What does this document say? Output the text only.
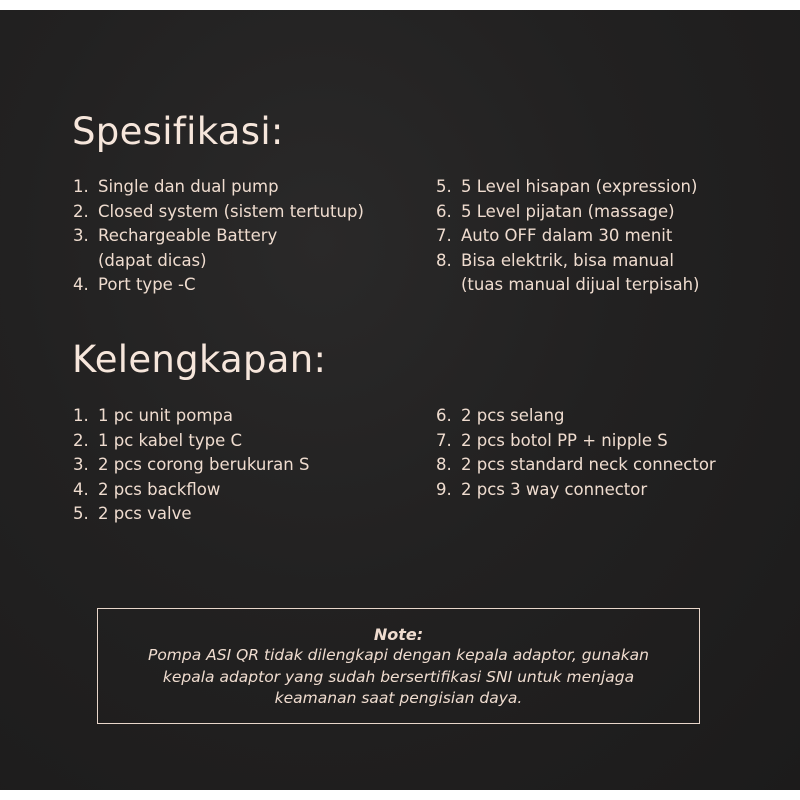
Spesifikasi:
1. Single dan dual pump
2. Closed system (sistem tertutup)
3. Rechargeable Battery
(dapat dicas)
4. Port type -C
5. 5 Level hisapan (expression)
6. 5 Level pijatan (massage)
7. Auto OFF dalam 30 menit
8. Bisa elektrik, bisa manual
(tuas manual dijual terpisah)
Kelengkapan:
1. 1 pc unit pompa
2. 1 pc kabel type C
3. 2 pcs corong berukuran S
4. 2 pcs backflow
5. 2 pcs valve
6. 2 pcs selang
7. 2 pcs botol PP + nipple S
8. 2 pcs standard neck connector
9. 2 pcs 3 way connector

Note:

Pompa ASI QR tidak dilengkapi dengan kepala adaptor, gunakan
kepala adaptor yang sudah bersertifikasi SNI untuk menjaga
keamanan saat pengisian daya.
